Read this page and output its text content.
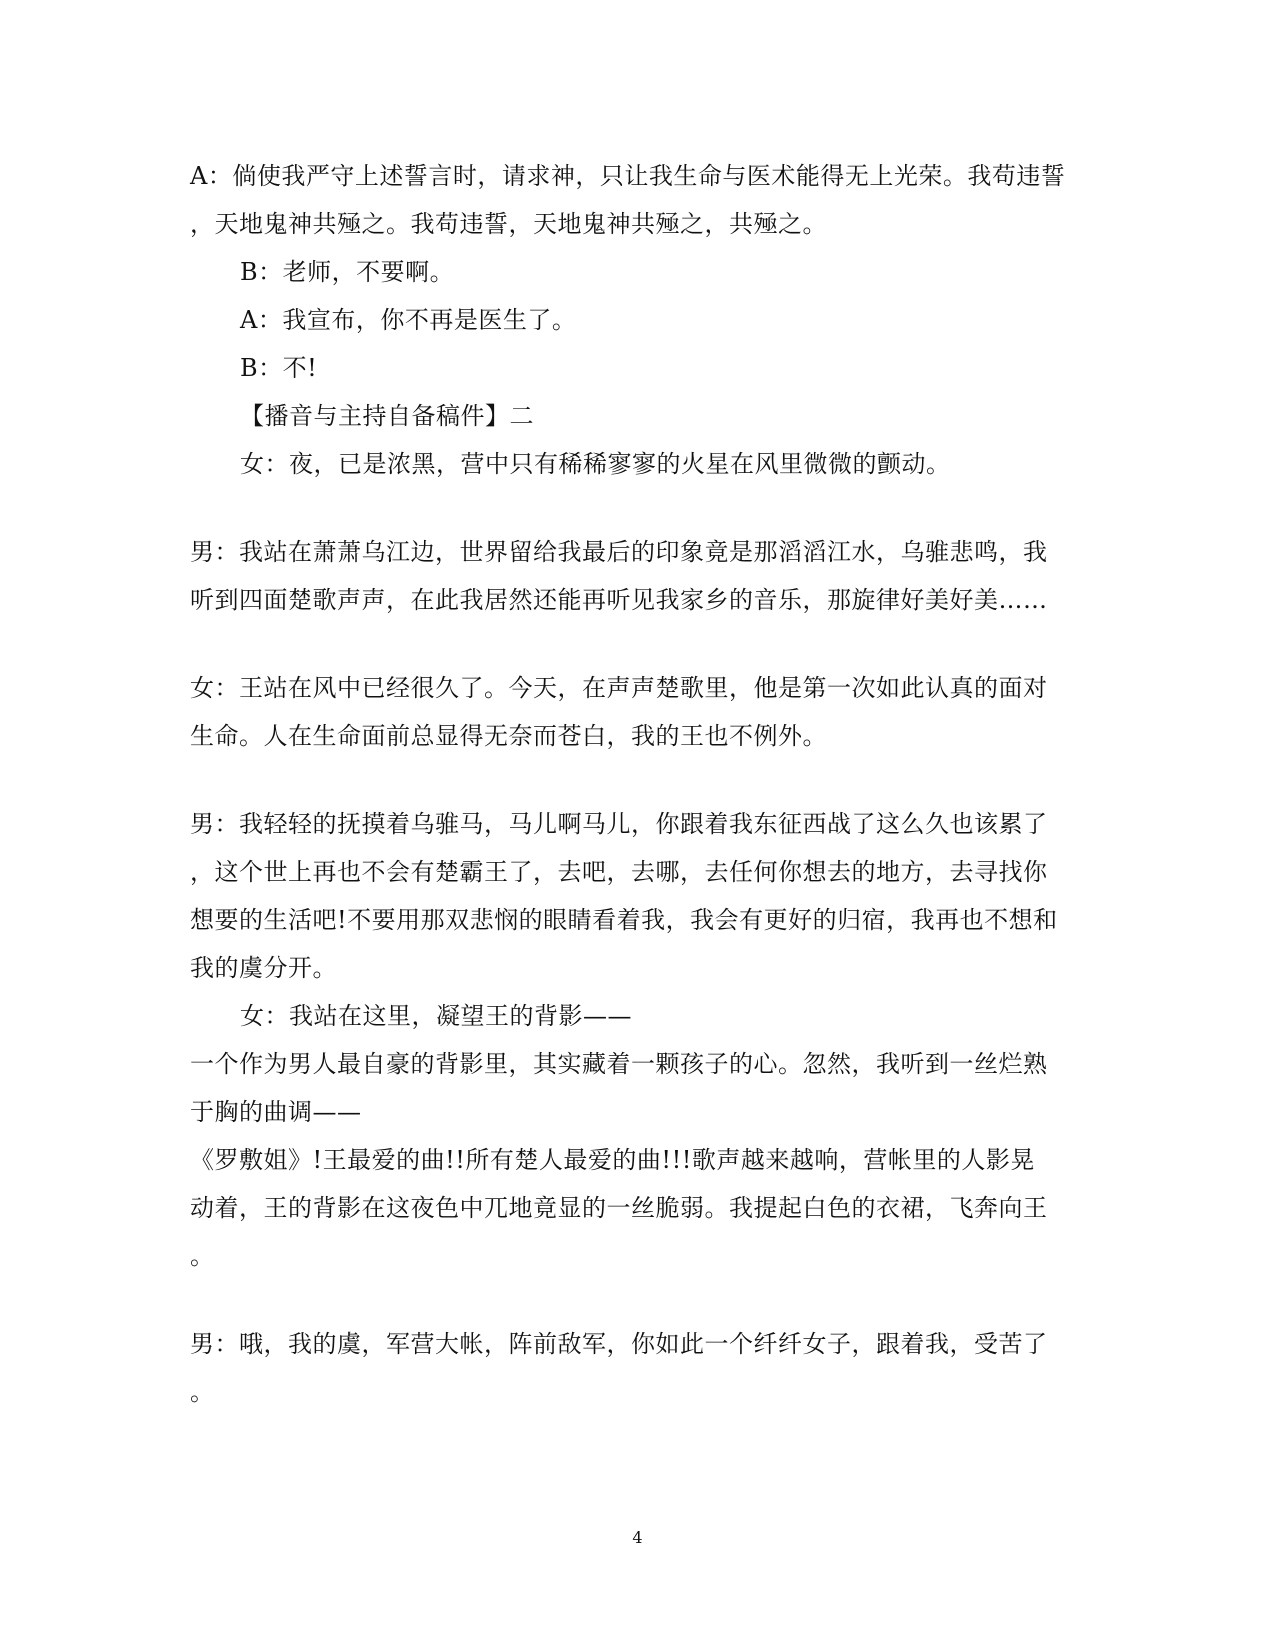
A：倘使我严守上述誓言时，请求神，只让我生命与医术能得无上光荣。我苟违誓
，天地鬼神共殛之。我苟违誓，天地鬼神共殛之，共殛之。
B：老师，不要啊。
A：我宣布，你不再是医生了。
B：不!
【播音与主持自备稿件】二
女：夜，已是浓黑，营中只有稀稀寥寥的火星在风里微微的颤动。
男：我站在萧萧乌江边，世界留给我最后的印象竟是那滔滔江水，乌骓悲鸣，我
听到四面楚歌声声，在此我居然还能再听见我家乡的音乐，那旋律好美好美……
女：王站在风中已经很久了。今天，在声声楚歌里，他是第一次如此认真的面对
生命。人在生命面前总显得无奈而苍白，我的王也不例外。
男：我轻轻的抚摸着乌骓马，马儿啊马儿，你跟着我东征西战了这么久也该累了
，这个世上再也不会有楚霸王了，去吧，去哪，去任何你想去的地方，去寻找你
想要的生活吧!不要用那双悲悯的眼睛看着我，我会有更好的归宿，我再也不想和
我的虞分开。
女：我站在这里，凝望王的背影——
一个作为男人最自豪的背影里，其实藏着一颗孩子的心。忽然，我听到一丝烂熟
于胸的曲调——
《罗敷姐》!王最爱的曲!!所有楚人最爱的曲!!!歌声越来越响，营帐里的人影晃
动着，王的背影在这夜色中兀地竟显的一丝脆弱。我提起白色的衣裙，飞奔向王
。
男：哦，我的虞，军营大帐，阵前敌军，你如此一个纤纤女子，跟着我，受苦了
。
4
